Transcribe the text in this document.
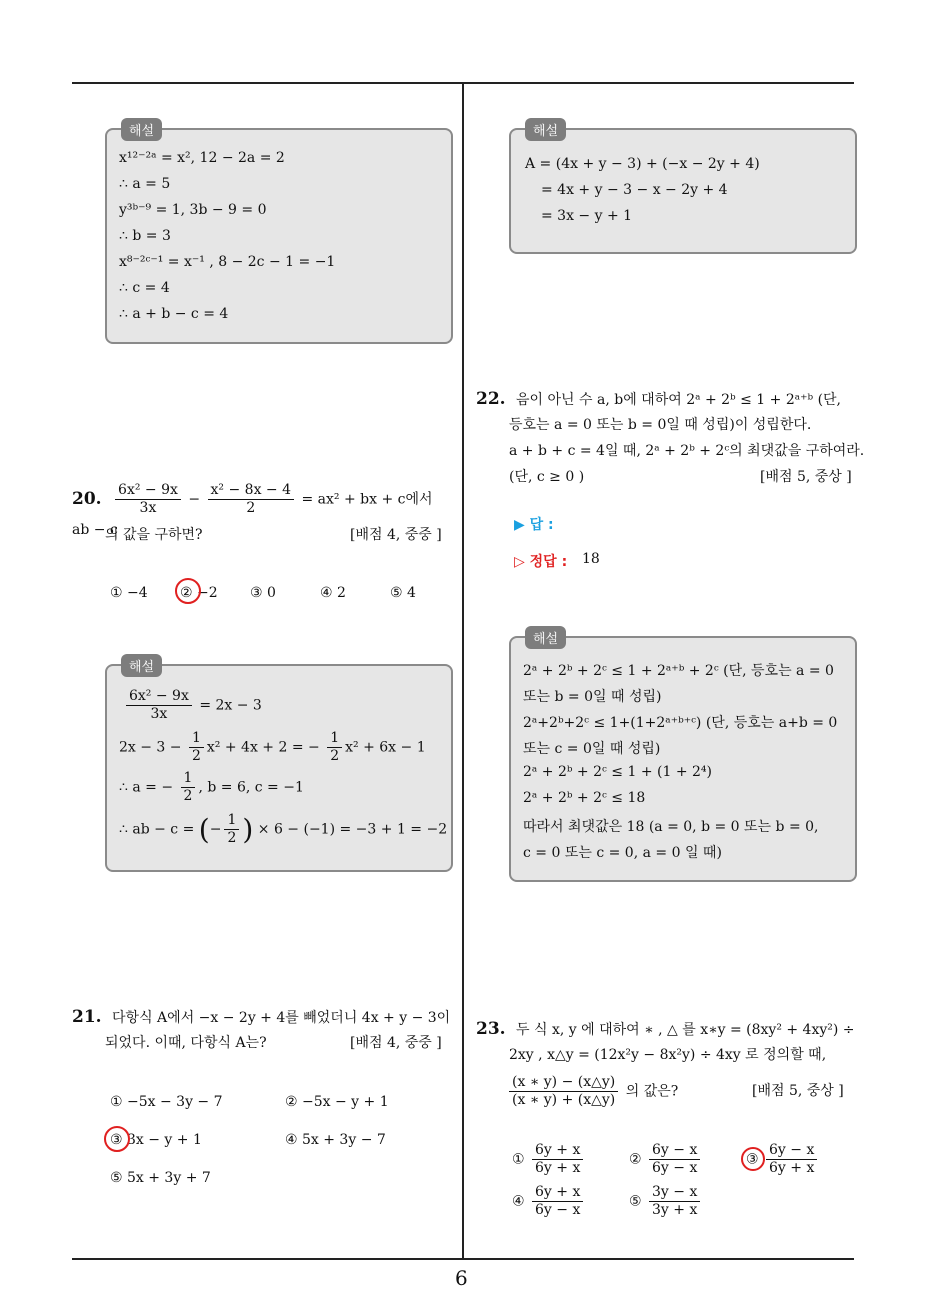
6
해설
x¹²⁻²ᵃ = x², 12 − 2a = 2
∴ a = 5
y³ᵇ⁻⁹ = 1, 3b − 9 = 0
∴ b = 3
x⁸⁻²ᶜ⁻¹ = x⁻¹ , 8 − 2c − 1 = −1
∴ c = 4
∴ a + b − c = 4
해설
A = (4x + y − 3) + (−x − 2y + 4)
= 4x + y − 3 − x − 2y + 4
= 3x − y + 1
20. $\frac{\text{6x² − 9x}}{3x} - \frac{\text{x² − 8x − 4}}{2} = ax^2$ + bx + c에서 ab − c
의 값을 구하면?	[배점 4, 중중 ]
① −4 ② −2 ③ 0	④ 2	⑤ 4
해설
$\frac{\text{6x² − 9x}}{3x} = 2x - 3$
$2x - 3 - \frac{1}{2} x^2 + 4x + 2$ = − $\frac{1}{2} x^2 + 6x - 1$
∴ a = − $\frac{1}{2}$ , b = 6, c = −1
∴ ab − c = (− $\frac{1}{2}$ ) × 6 − (−1) = −3 + 1 = −2
21. 다항식 A에서 −x − 2y + 4를 빼었더니 4x + y − 3이
되었다. 이때, 다항식 A는?	[배점 4, 중중 ]
① −5x − 3y − 7	② −5x − y + 1
③ 3x − y + 1	④ 5x + 3y − 7
⑤ 5x + 3y + 7
22. 음이 아닌 수 a, b에 대하여 2ᵃ + 2ᵇ ≤ 1 + 2ᵃ⁺ᵇ (단,
등호는 a = 0 또는 b = 0일 때 성립)이 성립한다.
a + b + c = 4일 때, 2ᵃ + 2ᵇ + 2ᶜ의 최댓값을 구하여라.
(단, c ≥ 0 )	[배점 5, 중상 ]
▶ 답 :
▷ 정답 : 18
해설
2ᵃ + 2ᵇ + 2ᶜ ≤ 1 + 2ᵃ⁺ᵇ + 2ᶜ (단, 등호는 a = 0
또는 b = 0일 때 성립)
2ᵃ+2ᵇ+2ᶜ ≤ 1+(1+2ᵃ⁺ᵇ⁺ᶜ) (단, 등호는 a+b = 0
또는 c = 0일 때 성립)
2ᵃ + 2ᵇ + 2ᶜ ≤ 1 + (1 + 2⁴)
2ᵃ + 2ᵇ + 2ᶜ ≤ 18
따라서 최댓값은 18 (a = 0, b = 0 또는 b = 0,
c = 0 또는 c = 0, a = 0 일 때)
23. 두 식 x, y 에 대하여 ∗ , △ 를 x∗y = (8xy² + 4xy²) ÷
2xy , x△y = (12x²y − 8x²y) ÷ 4xy 로 정의할 때,
$\frac{(x ∗ y) - (x\triangle y)}{(x ∗ y) + (x\triangle y)}$ 의 값은?	[배점 5, 중상 ]
① $\frac{6y + x}{6y + x}$	② $\frac{6y - x}{6y - x}$	③ $\frac{6y - x}{6y + x}$
④ $\frac{6y + x}{6y - x}$	⑤ $\frac{3y - x}{3y + x}$
